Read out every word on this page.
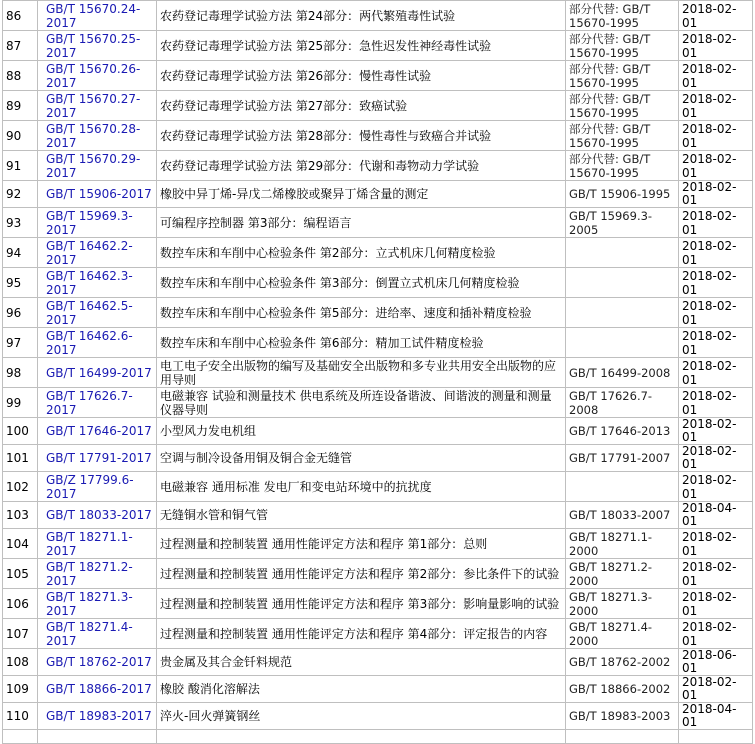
86	GB/T 15670.24-2017	农药登记毒理学试验方法 第24部分：两代繁殖毒性试验	部分代替: GB/T 15670-1995	2018-02-01
87	GB/T 15670.25-2017	农药登记毒理学试验方法 第25部分：急性迟发性神经毒性试验	部分代替: GB/T 15670-1995	2018-02-01
88	GB/T 15670.26-2017	农药登记毒理学试验方法 第26部分：慢性毒性试验	部分代替: GB/T 15670-1995	2018-02-01
89	GB/T 15670.27-2017	农药登记毒理学试验方法 第27部分：致癌试验	部分代替: GB/T 15670-1995	2018-02-01
90	GB/T 15670.28-2017	农药登记毒理学试验方法 第28部分：慢性毒性与致癌合并试验	部分代替: GB/T 15670-1995	2018-02-01
91	GB/T 15670.29-2017	农药登记毒理学试验方法 第29部分：代谢和毒物动力学试验	部分代替: GB/T 15670-1995	2018-02-01
92	GB/T 15906-2017	橡胶中异丁烯-异戊二烯橡胶或聚异丁烯含量的测定	GB/T 15906-1995	2018-02-01
93	GB/T 15969.3-2017	可编程序控制器 第3部分：编程语言	GB/T 15969.3-2005	2018-02-01
94	GB/T 16462.2-2017	数控车床和车削中心检验条件 第2部分：立式机床几何精度检验		2018-02-01
95	GB/T 16462.3-2017	数控车床和车削中心检验条件 第3部分：倒置立式机床几何精度检验		2018-02-01
96	GB/T 16462.5-2017	数控车床和车削中心检验条件 第5部分：进给率、速度和插补精度检验		2018-02-01
97	GB/T 16462.6-2017	数控车床和车削中心检验条件 第6部分：精加工试件精度检验		2018-02-01
98	GB/T 16499-2017	电工电子安全出版物的编写及基础安全出版物和多专业共用安全出版物的应用导则	GB/T 16499-2008	2018-02-01
99	GB/T 17626.7-2017	电磁兼容 试验和测量技术 供电系统及所连设备谐波、间谐波的测量和测量仪器导则	GB/T 17626.7-2008	2018-02-01
100	GB/T 17646-2017	小型风力发电机组	GB/T 17646-2013	2018-02-01
101	GB/T 17791-2017	空调与制冷设备用铜及铜合金无缝管	GB/T 17791-2007	2018-02-01
102	GB/Z 17799.6-2017	电磁兼容 通用标准 发电厂和变电站环境中的抗扰度		2018-02-01
103	GB/T 18033-2017	无缝铜水管和铜气管	GB/T 18033-2007	2018-04-01
104	GB/T 18271.1-2017	过程测量和控制装置 通用性能评定方法和程序 第1部分：总则	GB/T 18271.1-2000	2018-02-01
105	GB/T 18271.2-2017	过程测量和控制装置 通用性能评定方法和程序 第2部分：参比条件下的试验	GB/T 18271.2-2000	2018-02-01
106	GB/T 18271.3-2017	过程测量和控制装置 通用性能评定方法和程序 第3部分：影响量影响的试验	GB/T 18271.3-2000	2018-02-01
107	GB/T 18271.4-2017	过程测量和控制装置 通用性能评定方法和程序 第4部分：评定报告的内容	GB/T 18271.4-2000	2018-02-01
108	GB/T 18762-2017	贵金属及其合金钎料规范	GB/T 18762-2002	2018-06-01
109	GB/T 18866-2017	橡胶 酸消化溶解法	GB/T 18866-2002	2018-02-01
110	GB/T 18983-2017	淬火-回火弹簧钢丝	GB/T 18983-2003	2018-04-01
